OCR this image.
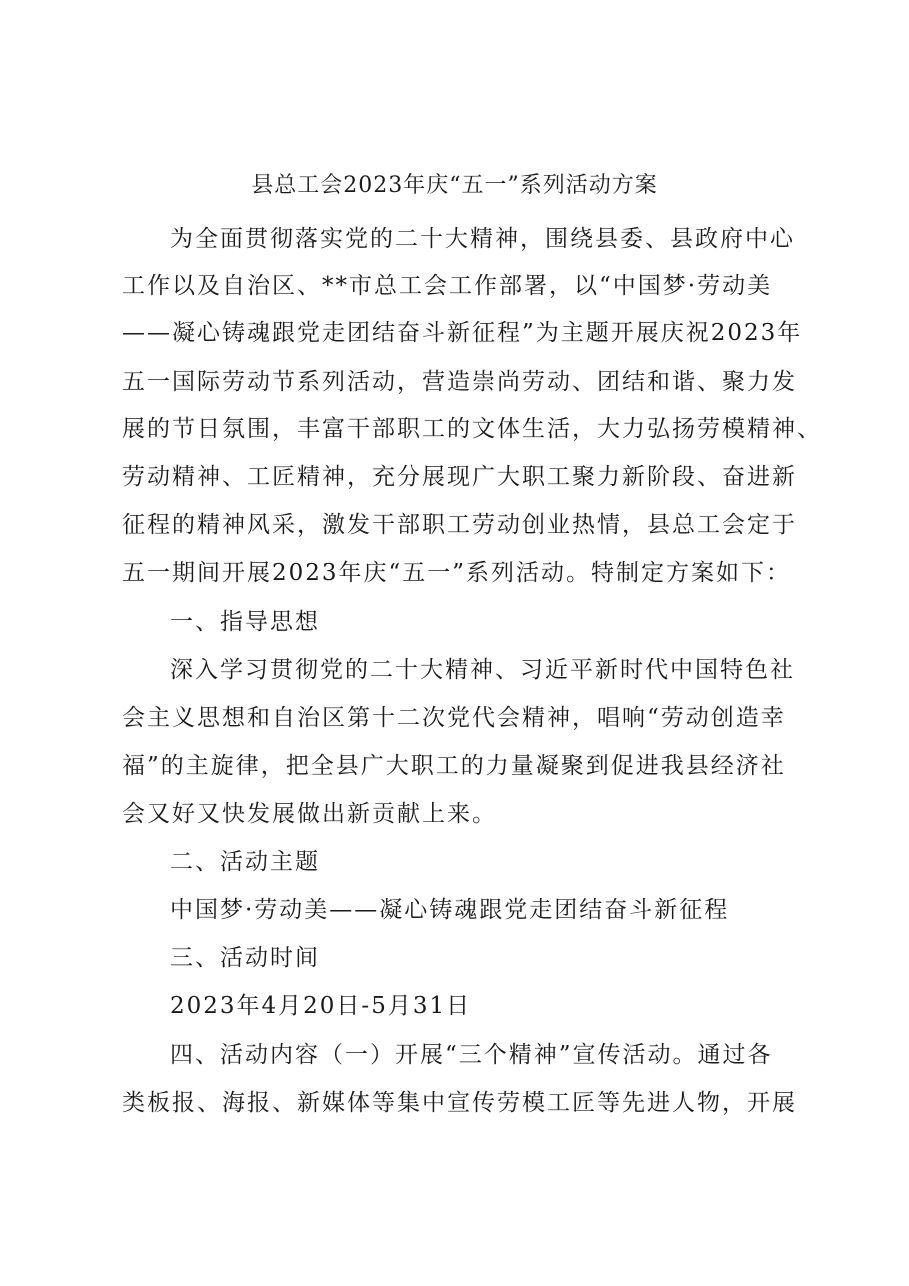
县总工会2023年庆“五一”系列活动方案
为全面贯彻落实党的二十大精神，围绕县委、县政府中心
工作以及自治区、**市总工会工作部署，以“中国梦·劳动美
——凝心铸魂跟党走团结奋斗新征程”为主题开展庆祝2023年
五一国际劳动节系列活动，营造崇尚劳动、团结和谐、聚力发
展的节日氛围，丰富干部职工的文体生活，大力弘扬劳模精神、
劳动精神、工匠精神，充分展现广大职工聚力新阶段、奋进新
征程的精神风采，激发干部职工劳动创业热情，县总工会定于
五一期间开展2023年庆“五一”系列活动。特制定方案如下：
一、指导思想
深入学习贯彻党的二十大精神、习近平新时代中国特色社
会主义思想和自治区第十二次党代会精神，唱响“劳动创造幸
福”的主旋律，把全县广大职工的力量凝聚到促进我县经济社
会又好又快发展做出新贡献上来。
二、活动主题
中国梦·劳动美——凝心铸魂跟党走团结奋斗新征程
三、活动时间
2023年4月20日-5月31日
四、活动内容（一）开展“三个精神”宣传活动。通过各
类板报、海报、新媒体等集中宣传劳模工匠等先进人物，开展
